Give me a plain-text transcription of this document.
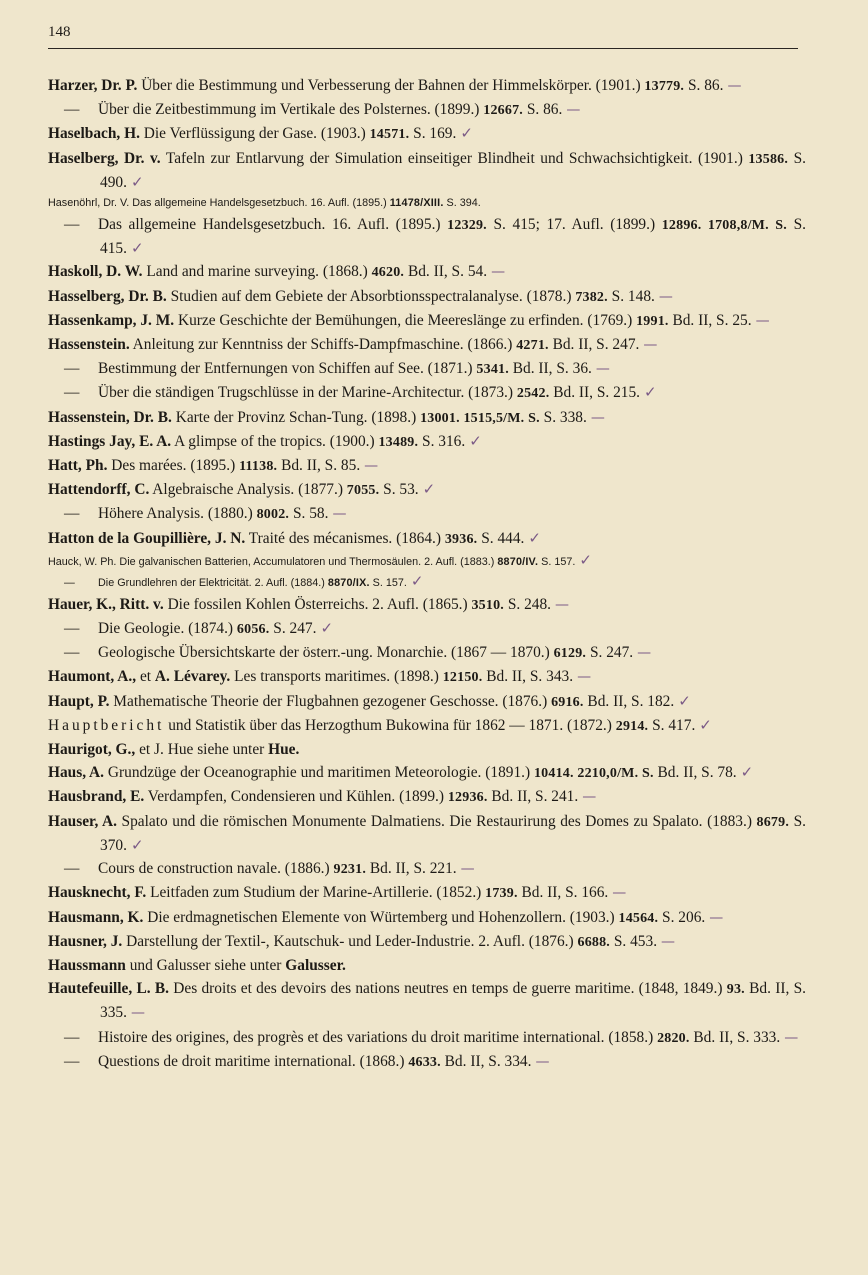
148

Harzer, Dr. P. Über die Bestimmung und Verbesserung der Bahnen der Himmelskörper. (1901.) 13779. S. 86. —

— Über die Zeitbestimmung im Vertikale des Polsternes. (1899.) 12667. S. 86. —

Haselbach, H. Die Verflüssigung der Gase. (1903.) 14571. S. 169. ✓

Haselberg, Dr. v. Tafeln zur Entlarvung der Simulation einseitiger Blindheit und Schwachsichtigkeit. (1901.) 13586. S. 490. ✓

Hasenöhrl, Dr. V. Das allgemeine Handelsgesetzbuch. 16. Aufl. (1895.) 11478/XIII. S. 394.

— Das allgemeine Handelsgesetzbuch. 16. Aufl. (1895.) 12329. S. 415; 17. Aufl. (1899.) 12896. 1708,8/M. S. S. 415. ✓

Haskoll, D. W. Land and marine surveying. (1868.) 4620. Bd. II, S. 54. —

Hasselberg, Dr. B. Studien auf dem Gebiete der Absorbtionsspectralanalyse. (1878.) 7382. S. 148. —

Hassenkamp, J. M. Kurze Geschichte der Bemühungen, die Meereslänge zu erfinden. (1769.) 1991. Bd. II, S. 25. —

Hassenstein. Anleitung zur Kenntniss der Schiffs-Dampfmaschine. (1866.) 4271. Bd. II, S. 247. —

— Bestimmung der Entfernungen von Schiffen auf See. (1871.) 5341. Bd. II, S. 36. —

— Über die ständigen Trugschlüsse in der Marine-Architectur. (1873.) 2542. Bd. II, S. 215. ✓

Hassenstein, Dr. B. Karte der Provinz Schan-Tung. (1898.) 13001. 1515,5/M. S. S. 338. —

Hastings Jay, E. A. A glimpse of the tropics. (1900.) 13489. S. 316. ✓

Hatt, Ph. Des marées. (1895.) 11138. Bd. II, S. 85. —

Hattendorff, C. Algebraische Analysis. (1877.) 7055. S. 53. ✓

— Höhere Analysis. (1880.) 8002. S. 58. —

Hatton de la Goupillière, J. N. Traité des mécanismes. (1864.) 3936. S. 444. ✓

Hauck, W. Ph. Die galvanischen Batterien, Accumulatoren und Thermosäulen. 2. Aufl. (1883.) 8870/IV. S. 157. ✓

— Die Grundlehren der Elektricität. 2. Aufl. (1884.) 8870/IX. S. 157. ✓

Hauer, K., Ritt. v. Die fossilen Kohlen Österreichs. 2. Aufl. (1865.) 3510. S. 248. —

— Die Geologie. (1874.) 6056. S. 247. ✓

— Geologische Übersichtskarte der österr.-ung. Monarchie. (1867 — 1870.) 6129. S. 247. —

Haumont, A., et A. Lévarey. Les transports maritimes. (1898.) 12150. Bd. II, S. 343. —

Haupt, P. Mathematische Theorie der Flugbahnen gezogener Geschosse. (1876.) 6916. Bd. II, S. 182. ✓

Hauptbericht und Statistik über das Herzogthum Bukowina für 1862 — 1871. (1872.) 2914. S. 417. ✓

Haurigot, G., et J. Hue siehe unter Hue.

Haus, A. Grundzüge der Oceanographie und maritimen Meteorologie. (1891.) 10414. 2210,0/M. S. Bd. II, S. 78. ✓

Hausbrand, E. Verdampfen, Condensieren und Kühlen. (1899.) 12936. Bd. II, S. 241. —

Hauser, A. Spalato und die römischen Monumente Dalmatiens. Die Restaurirung des Domes zu Spalato. (1883.) 8679. S. 370. ✓

— Cours de construction navale. (1886.) 9231. Bd. II, S. 221. —

Hausknecht, F. Leitfaden zum Studium der Marine-Artillerie. (1852.) 1739. Bd. II, S. 166. —

Hausmann, K. Die erdmagnetischen Elemente von Würtemberg und Hohenzollern. (1903.) 14564. S. 206. —

Hausner, J. Darstellung der Textil-, Kautschuk- und Leder-Industrie. 2. Aufl. (1876.) 6688. S. 453. —

Haussmann und Galusser siehe unter Galusser.

Hautefeuille, L. B. Des droits et des devoirs des nations neutres en temps de guerre maritime. (1848, 1849.) 93. Bd. II, S. 335. —

— Histoire des origines, des progrès et des variations du droit maritime international. (1858.) 2820. Bd. II, S. 333. —

— Questions de droit maritime international. (1868.) 4633. Bd. II, S. 334. —
